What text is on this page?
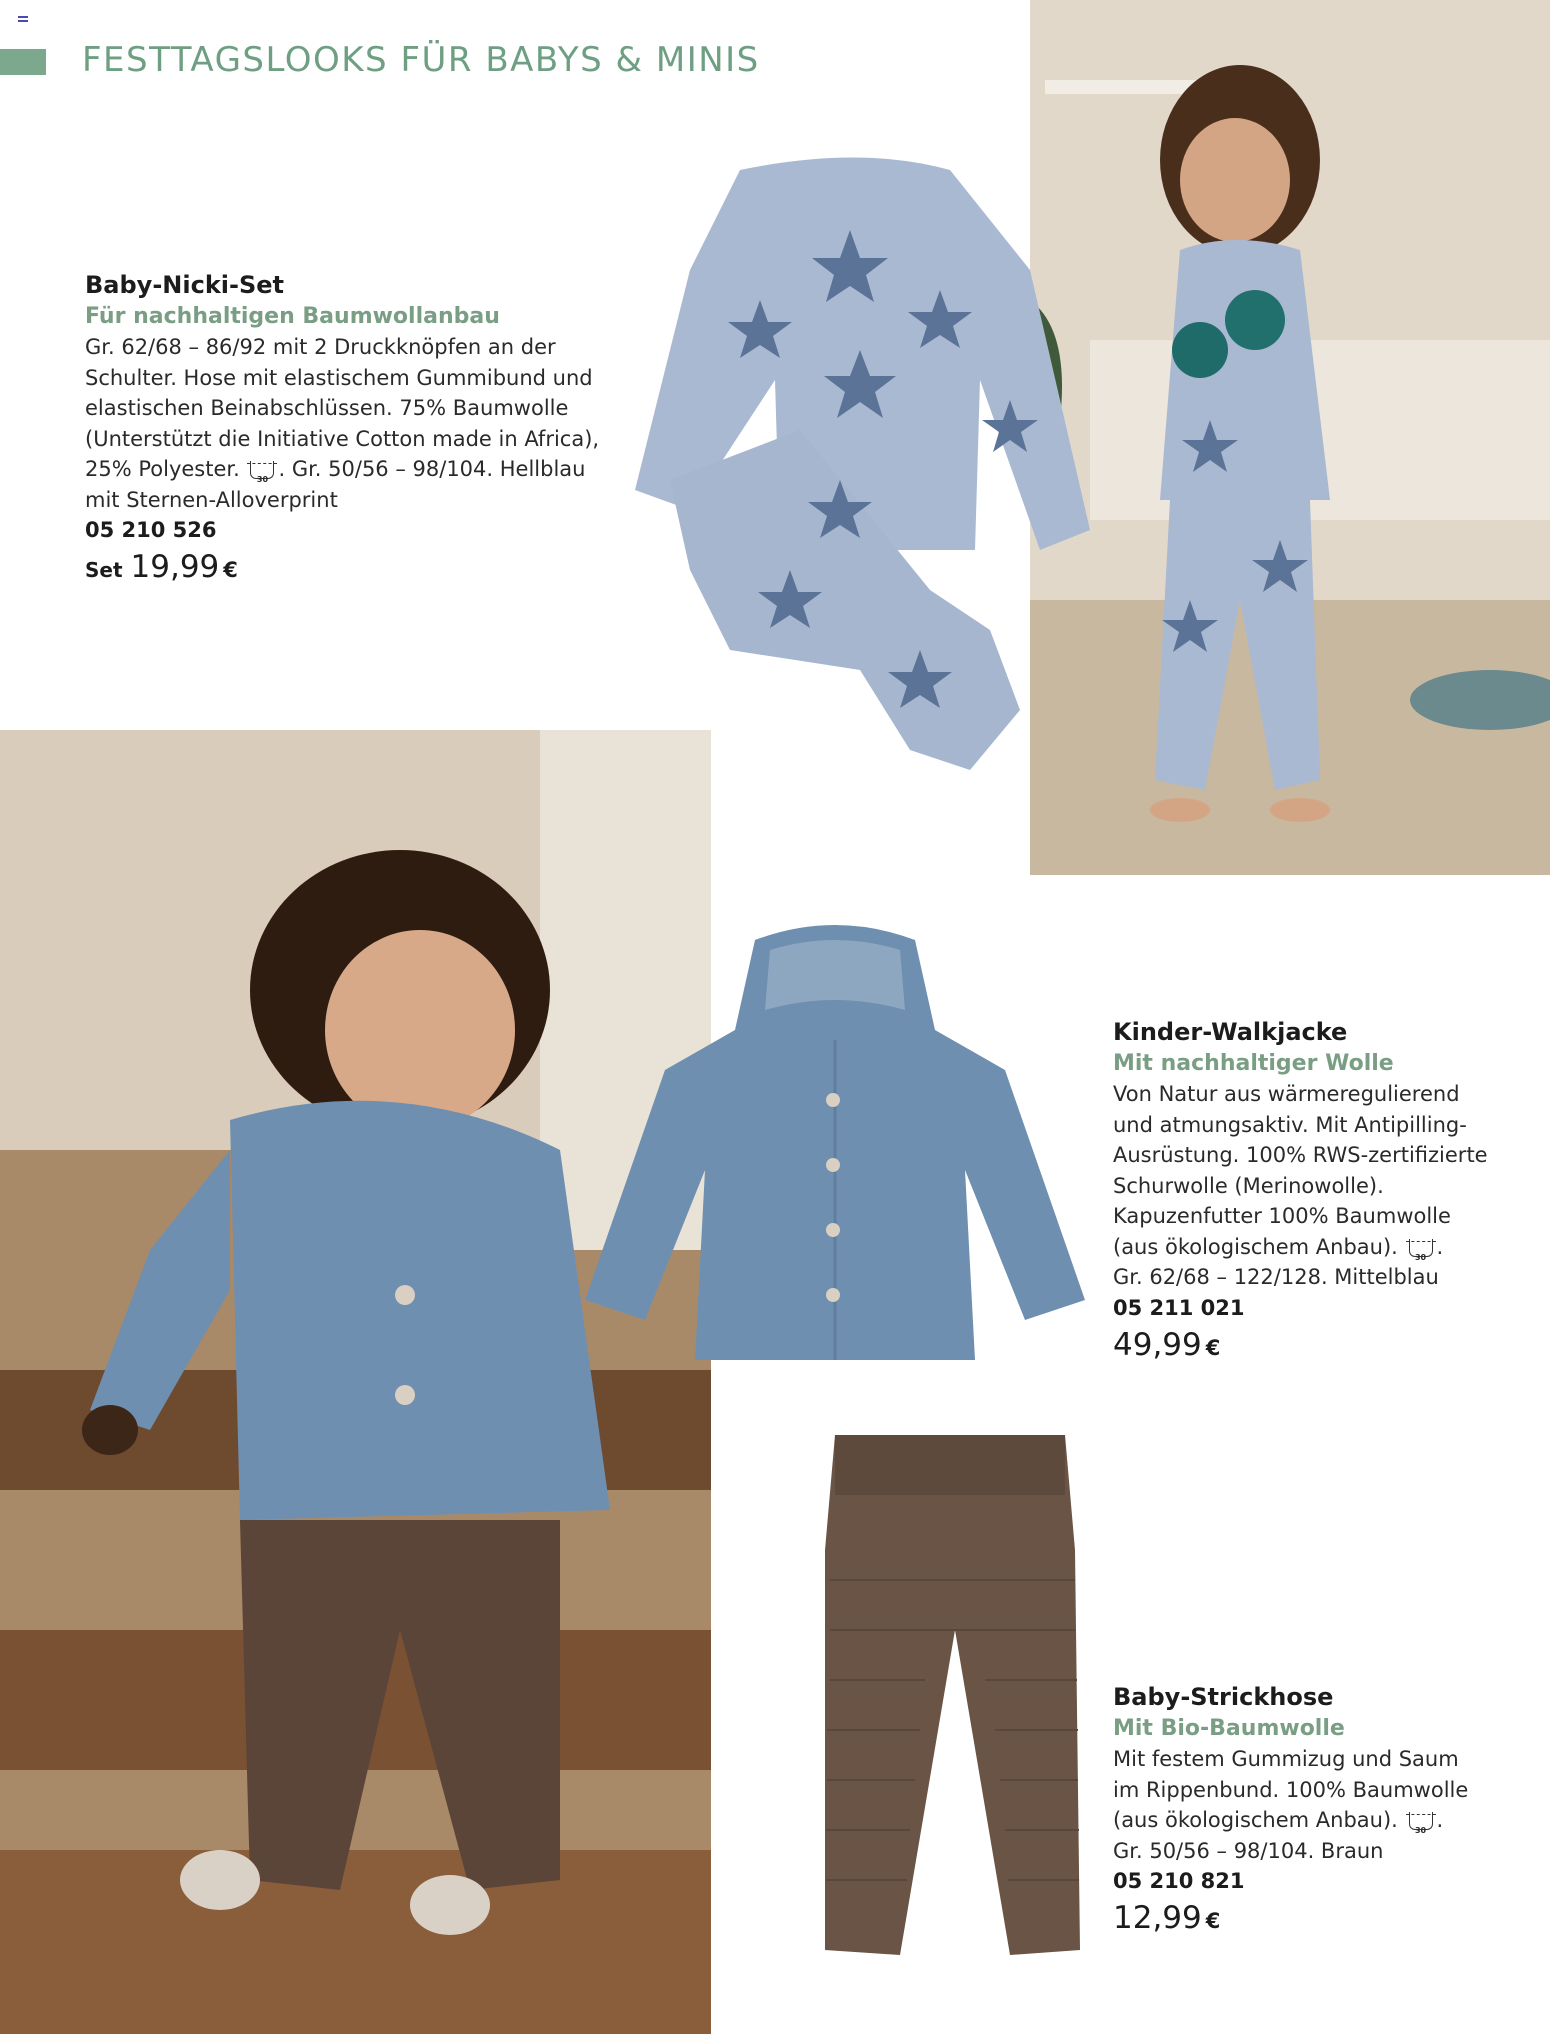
FESTTAGSLOOKS FÜR BABYS & MINIS
Baby-Nicki-Set
Für nachhaltigen Baumwollanbau
Gr. 62/68 – 86/92 mit 2 Druckknöpfen an der
Schulter. Hose mit elastischem Gummibund und
elastischen Beinabschlüssen. 75% Baumwolle
(Unterstützt die Initiative Cotton made in Africa),
25% Polyester.	30 . Gr. 50/56 – 98/104. Hellblau
mit Sternen-Alloverprint
05 210 526
Set 19,99 €
Kinder-Walkjacke
Mit nachhaltiger Wolle
Von Natur aus wärmeregulierend
und atmungsaktiv. Mit Antipilling-
Ausrüstung. 100% RWS-zertifizierte
Schurwolle (Merinowolle).
Kapuzenfutter 100% Baumwolle
(aus ökologischem Anbau).	30 .
Gr. 62/68 – 122/128. Mittelblau
05 211 021
49,99 €
Baby-Strickhose
Mit Bio-Baumwolle
Mit festem Gummizug und Saum
im Rippenbund. 100% Baumwolle
(aus ökologischem Anbau).	30 .
Gr. 50/56 – 98/104. Braun
05 210 821
12,99 €
